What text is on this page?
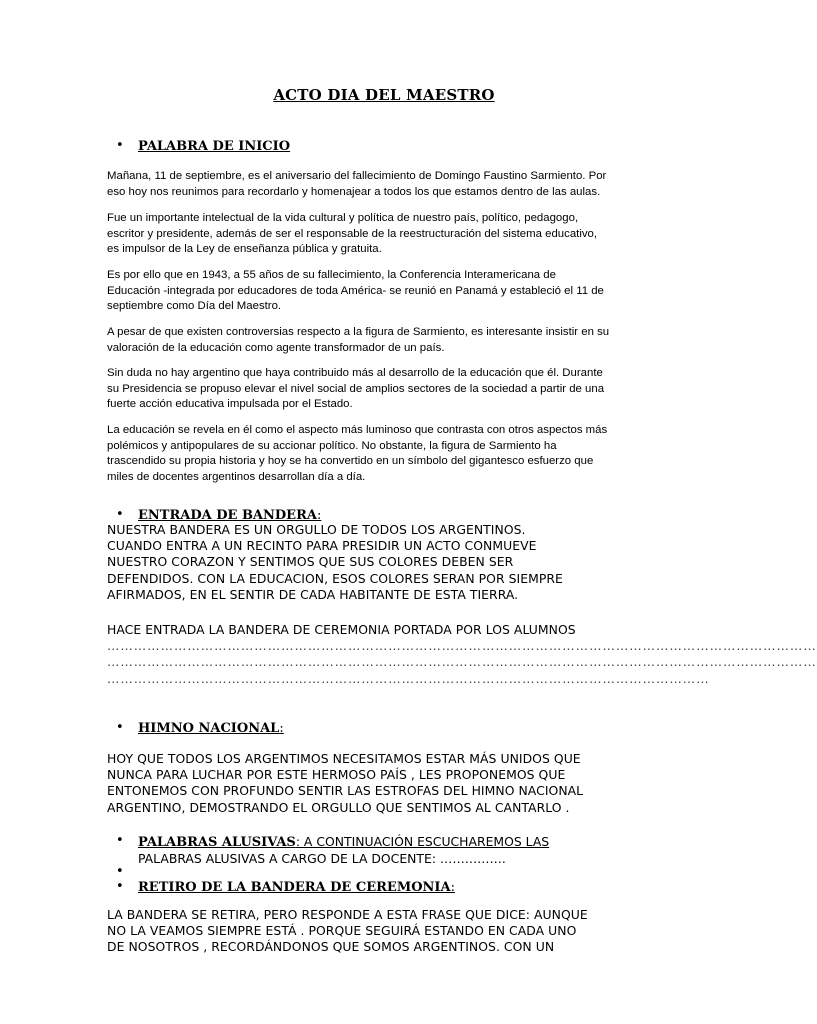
ACTO DIA DEL MAESTRO
• PALABRA DE INICIO
Mañana, 11 de septiembre, es el aniversario del fallecimiento de Domingo Faustino Sarmiento. Por
eso hoy nos reunimos para recordarlo y homenajear a todos los que estamos dentro de las aulas.
Fue un importante intelectual de la vida cultural y política de nuestro país, político, pedagogo,
escritor y presidente, además de ser el responsable de la reestructuración del sistema educativo,
es impulsor de la Ley de enseñanza pública y gratuita.
Es por ello que en 1943, a 55 años de su fallecimiento, la Conferencia Interamericana de
Educación -integrada por educadores de toda América- se reunió en Panamá y estableció el 11 de
septiembre como Día del Maestro.
A pesar de que existen controversias respecto a la figura de Sarmiento, es interesante insistir en su
valoración de la educación como agente transformador de un país.
Sin duda no hay argentino que haya contribuido más al desarrollo de la educación que él. Durante
su Presidencia se propuso elevar el nivel social de amplios sectores de la sociedad a partir de una
fuerte acción educativa impulsada por el Estado.
La educación se revela en él como el aspecto más luminoso que contrasta con otros aspectos más
polémicos y antipopulares de su accionar político. No obstante, la figura de Sarmiento ha
trascendido su propia historia y hoy se ha convertido en un símbolo del gigantesco esfuerzo que
miles de docentes argentinos desarrollan día a día.
• ENTRADA DE BANDERA:
NUESTRA BANDERA ES UN ORGULLO DE TODOS LOS ARGENTINOS.
CUANDO ENTRA A UN RECINTO PARA PRESIDIR UN ACTO CONMUEVE
NUESTRO CORAZON Y SENTIMOS QUE SUS COLORES DEBEN SER
DEFENDIDOS. CON LA EDUCACION, ESOS COLORES SERAN POR SIEMPRE
AFIRMADOS, EN EL SENTIR DE CADA HABITANTE DE ESTA TIERRA.
HACE ENTRADA LA BANDERA DE CEREMONIA PORTADA POR LOS ALUMNOS
……………………………………………………………………………………………………………………………………………
……………………………………………………………………………………………………………………………………………
………………………………………………………………………………………………………………………
• HIMNO NACIONAL:
HOY QUE TODOS LOS ARGENTIMOS NECESITAMOS ESTAR MÁS UNIDOS QUE
NUNCA PARA LUCHAR POR ESTE HERMOSO PAÍS , LES PROPONEMOS QUE
ENTONEMOS CON PROFUNDO SENTIR LAS ESTROFAS DEL HIMNO NACIONAL
ARGENTINO, DEMOSTRANDO EL ORGULLO QUE SENTIMOS AL CANTARLO .
• PALABRAS ALUSIVAS: A CONTINUACIÓN ESCUCHAREMOS LAS
PALABRAS ALUSIVAS A CARGO DE LA DOCENTE: …………….
•
• RETIRO DE LA BANDERA DE CEREMONIA:
LA BANDERA SE RETIRA, PERO RESPONDE A ESTA FRASE QUE DICE: AUNQUE
NO LA VEAMOS SIEMPRE ESTÁ . PORQUE SEGUIRÁ ESTANDO EN CADA UNO
DE NOSOTROS , RECORDÁNDONOS QUE SOMOS ARGENTINOS. CON UN
